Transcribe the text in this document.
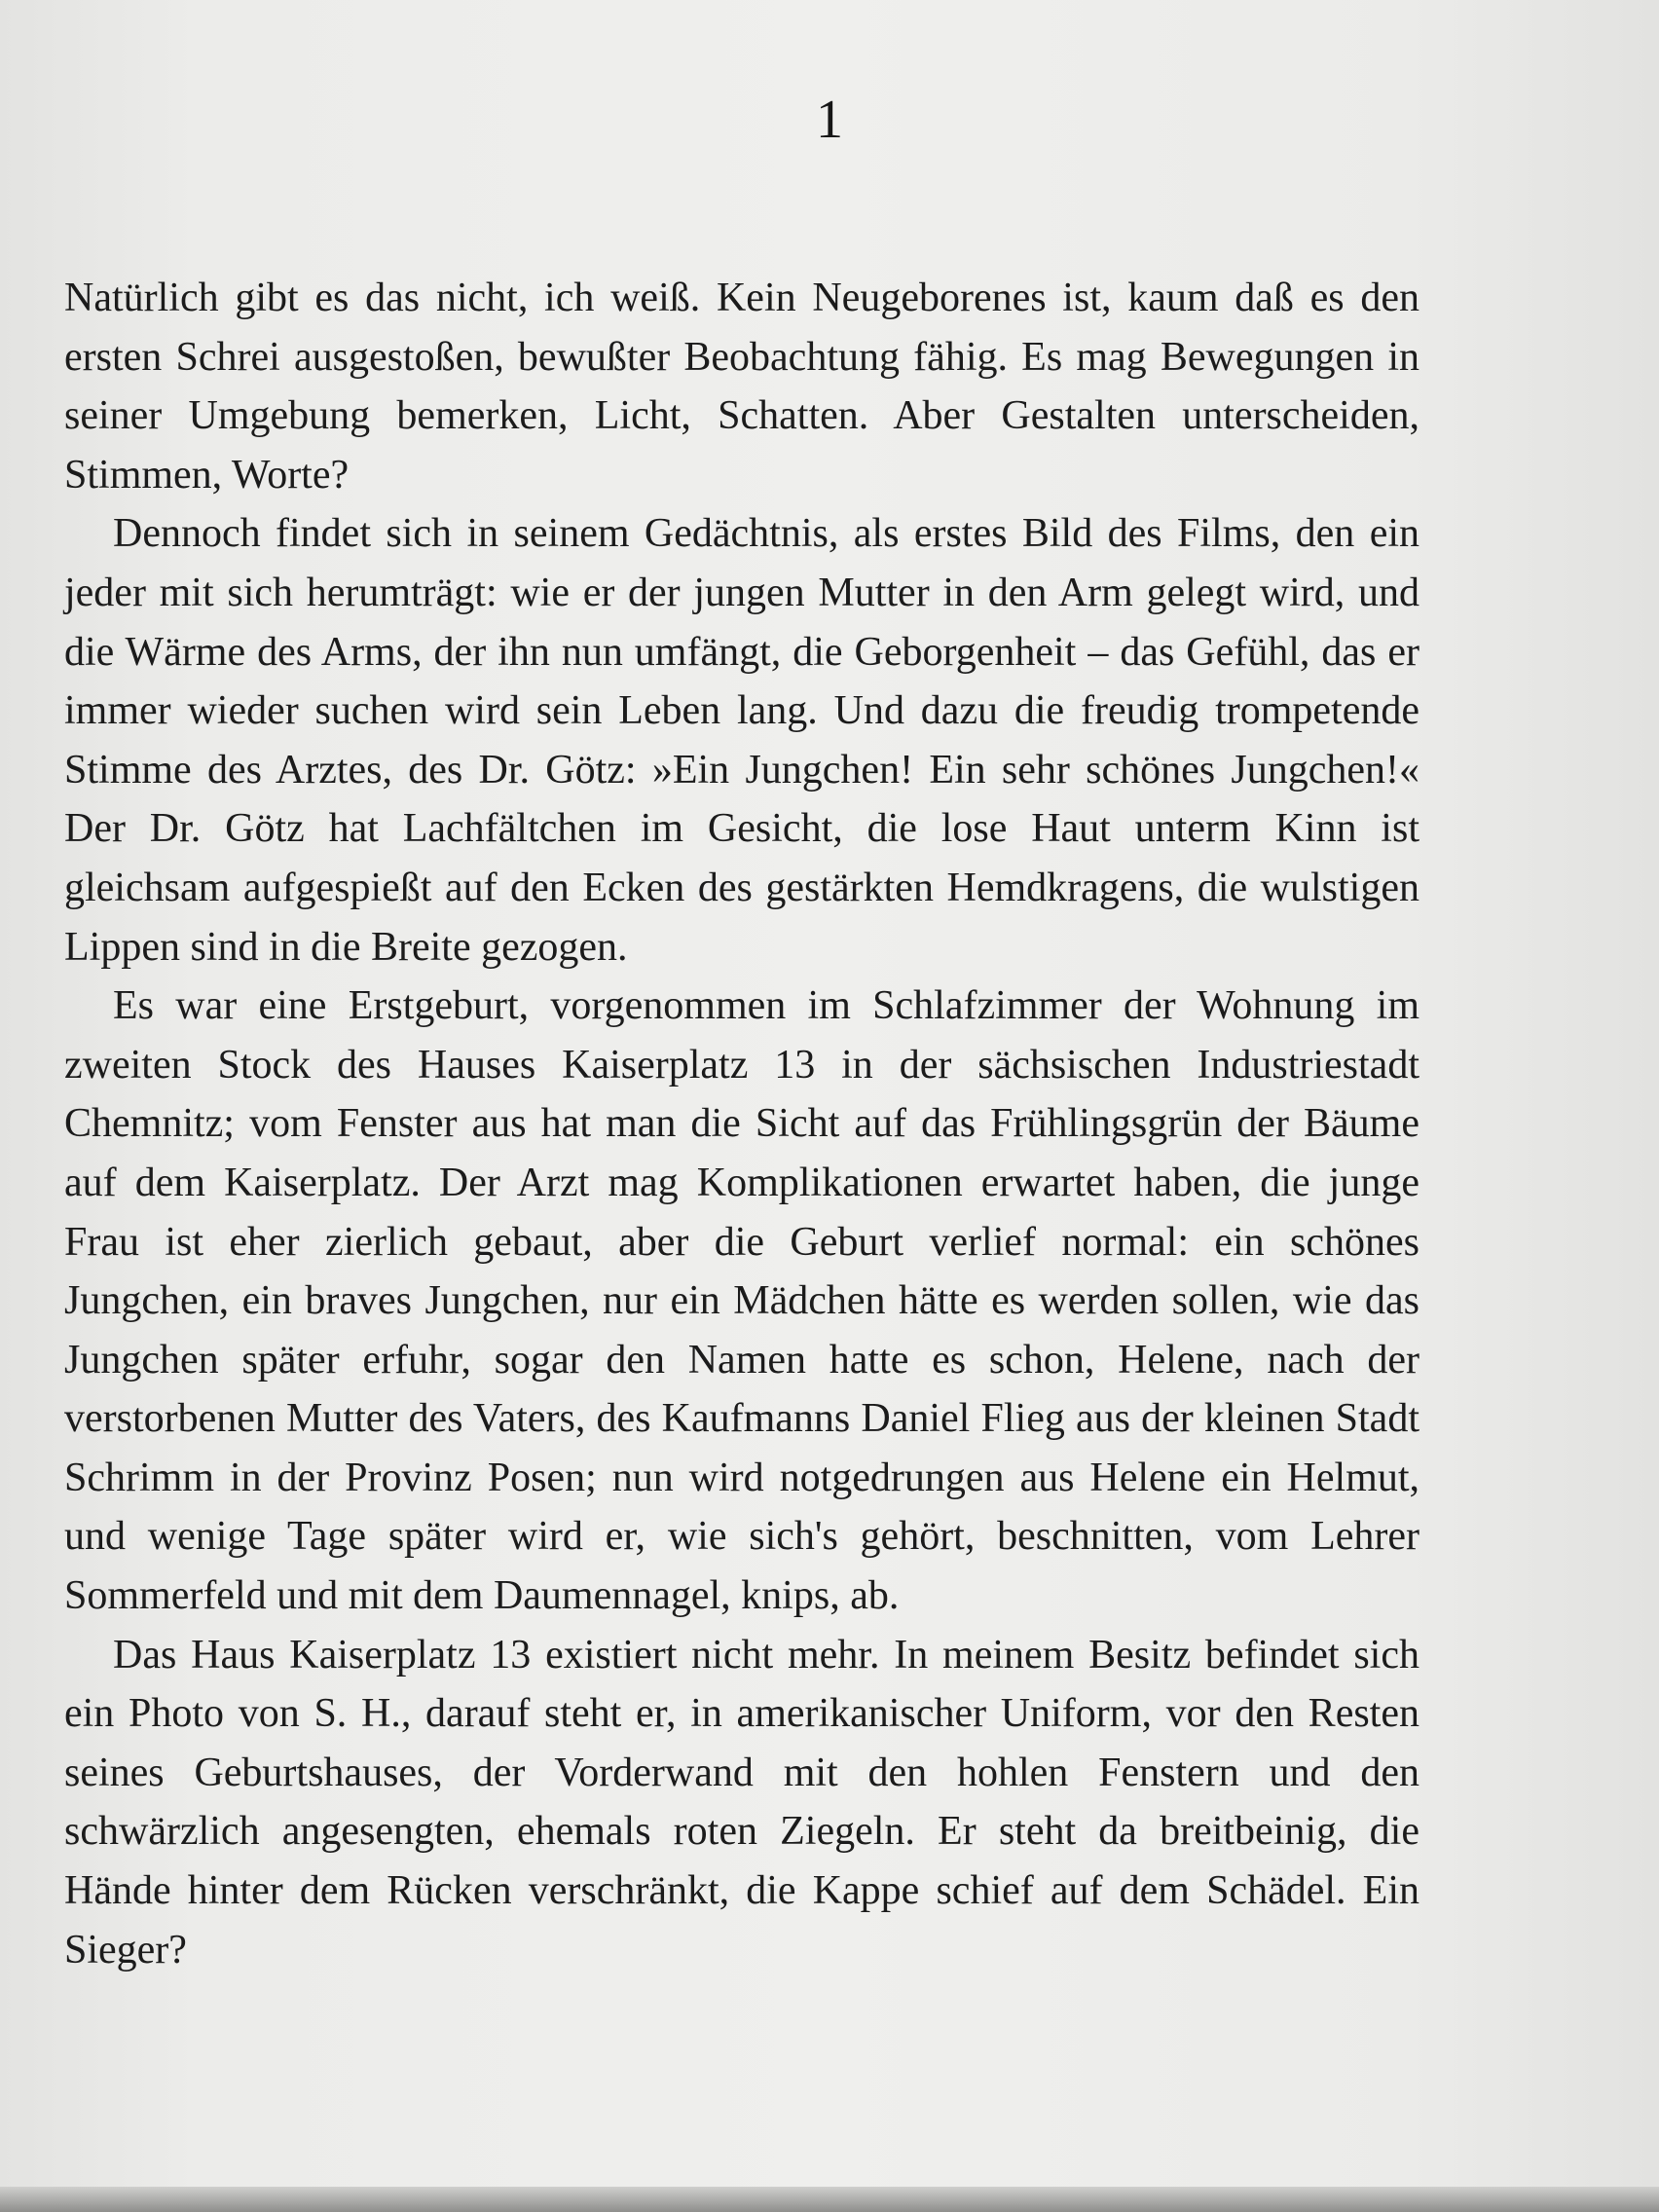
1

Natürlich gibt es das nicht, ich weiß. Kein Neugeborenes ist, kaum daß es den ersten Schrei ausgestoßen, bewußter Beobachtung fähig. Es mag Bewegungen in seiner Umgebung bemerken, Licht, Schatten. Aber Gestalten unterscheiden, Stimmen, Worte?

Dennoch findet sich in seinem Gedächtnis, als erstes Bild des Films, den ein jeder mit sich herumträgt: wie er der jungen Mutter in den Arm gelegt wird, und die Wärme des Arms, der ihn nun umfängt, die Geborgenheit – das Gefühl, das er immer wieder suchen wird sein Leben lang. Und dazu die freudig trompetende Stimme des Arztes, des Dr. Götz: »Ein Jungchen! Ein sehr schönes Jungchen!« Der Dr. Götz hat Lachfältchen im Gesicht, die lose Haut unterm Kinn ist gleichsam aufgespießt auf den Ecken des gestärkten Hemdkragens, die wulstigen Lippen sind in die Breite gezogen.

Es war eine Erstgeburt, vorgenommen im Schlafzimmer der Wohnung im zweiten Stock des Hauses Kaiserplatz 13 in der sächsischen Industriestadt Chemnitz; vom Fenster aus hat man die Sicht auf das Frühlingsgrün der Bäume auf dem Kaiserplatz. Der Arzt mag Komplikationen erwartet haben, die junge Frau ist eher zierlich gebaut, aber die Geburt verlief normal: ein schönes Jungchen, ein braves Jungchen, nur ein Mädchen hätte es werden sollen, wie das Jungchen später erfuhr, sogar den Namen hatte es schon, Helene, nach der verstorbenen Mutter des Vaters, des Kaufmanns Daniel Flieg aus der kleinen Stadt Schrimm in der Provinz Posen; nun wird notgedrungen aus Helene ein Helmut, und wenige Tage später wird er, wie sich's gehört, beschnitten, vom Lehrer Sommerfeld und mit dem Daumennagel, knips, ab.

Das Haus Kaiserplatz 13 existiert nicht mehr. In meinem Besitz befindet sich ein Photo von S. H., darauf steht er, in amerikanischer Uniform, vor den Resten seines Geburtshauses, der Vorderwand mit den hohlen Fenstern und den schwärzlich angesengten, ehemals roten Ziegeln. Er steht da breitbeinig, die Hände hinter dem Rücken verschränkt, die Kappe schief auf dem Schädel. Ein Sieger?
